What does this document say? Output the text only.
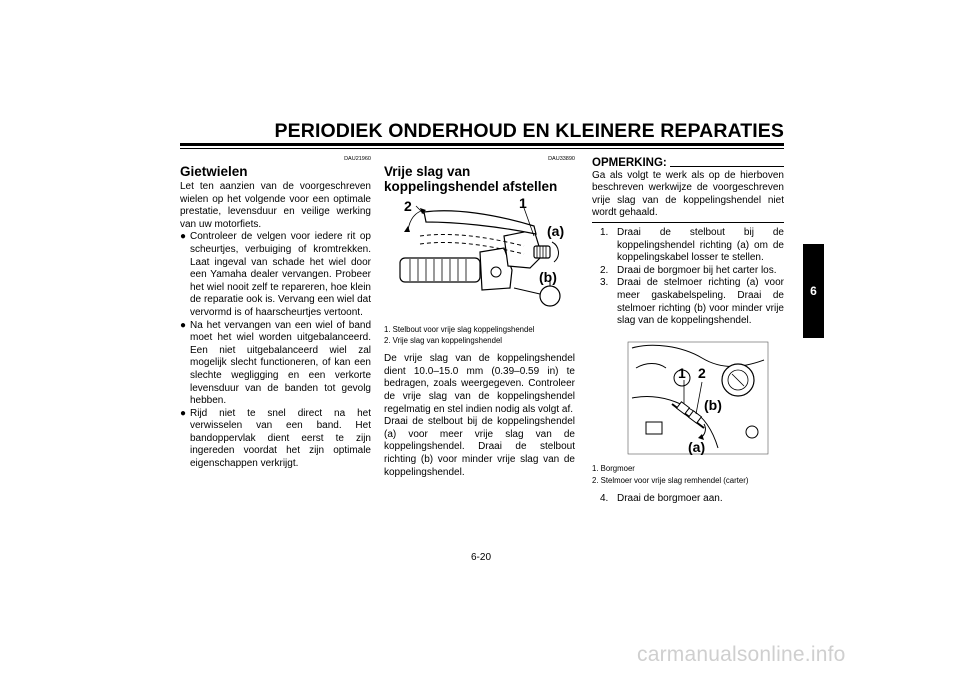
PERIODIEK ONDERHOUD EN KLEINERE REPARATIES
6
DAU21960
Gietwielen

Let ten aanzien van de voorgeschreven wielen op het volgende voor een optimale prestatie, levensduur en veilige werking van uw motorfiets.

● Controleer de velgen voor iedere rit op scheurtjes, verbuiging of kromtrekken. Laat ingeval van schade het wiel door een Yamaha dealer vervangen. Probeer het wiel nooit zelf te repareren, hoe klein de reparatie ook is. Vervang een wiel dat vervormd is of haarscheurtjes vertoont.

● Na het vervangen van een wiel of band moet het wiel worden uitgebalanceerd. Een niet uitgebalanceerd wiel zal mogelijk slecht functioneren, of kan een slechte wegligging en een verkorte levensduur van de banden tot gevolg hebben.

● Rijd niet te snel direct na het verwisselen van een band. Het bandoppervlak dient eerst te zijn ingereden voordat het zijn optimale eigenschappen verkrijgt.

DAU33890
Vrije slag van koppelingshendel afstellen
2	1
(a)
(b)

1. Stelbout voor vrije slag koppelingshendel

2. Vrije slag van koppelingshendel

De vrije slag van de koppelingshendel dient 10.0–15.0 mm (0.39–0.59 in) te bedragen, zoals weergegeven. Controleer de vrije slag van de koppelingshendel regelmatig en stel indien nodig als volgt af.

Draai de stelbout bij de koppelingshendel (a) voor meer vrije slag van de koppelingshendel. Draai de stelbout richting (b) voor minder vrije slag van de koppelingshendel.

OPMERKING:

Ga als volgt te werk als op de hierboven beschreven werkwijze de voorgeschreven vrije slag van de koppelingshendel niet wordt gehaald.

1. Draai de stelbout bij de koppelingshendel richting (a) om de koppelingskabel losser te stellen.

2. Draai de borgmoer bij het carter los.

3. Draai de stelmoer richting (a) voor meer gaskabelspeling. Draai de stelmoer richting (b) voor minder vrije slag van de koppelingshendel.

1 2
(b)
(a)

1. Borgmoer

2. Stelmoer voor vrije slag remhendel (carter)

4. Draai de borgmoer aan.

6-20
carmanualsonline.info
